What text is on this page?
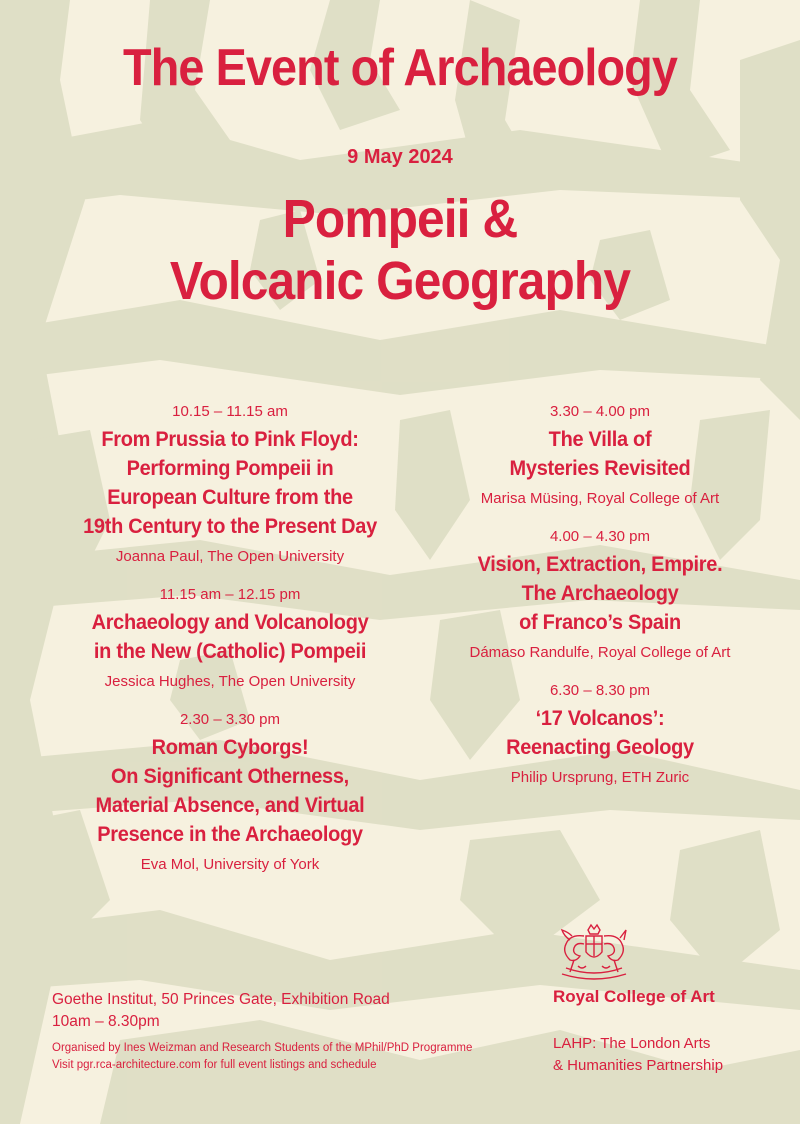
The Event of Archaeology
9 May 2024
Pompeii &
Volcanic Geography
10.15 – 11.15 am
From Prussia to Pink Floyd:
Performing Pompeii in
European Culture from the
19th Century to the Present Day
Joanna Paul, The Open University
11.15 am – 12.15 pm
Archaeology and Volcanology
in the New (Catholic) Pompeii
Jessica Hughes, The Open University
2.30 – 3.30 pm
Roman Cyborgs!
On Significant Otherness,
Material Absence, and Virtual
Presence in the Archaeology
Eva Mol, University of York
3.30 – 4.00 pm
The Villa of
Mysteries Revisited
Marisa Müsing, Royal College of Art
4.00 – 4.30 pm
Vision, Extraction, Empire.
The Archaeology
of Franco’s Spain
Dámaso Randulfe, Royal College of Art
6.30 – 8.30 pm
‘17 Volcanos’:
Reenacting Geology
Philip Ursprung, ETH Zuric
Goethe Institut, 50 Princes Gate, Exhibition Road
10am – 8.30pm
Organised by Ines Weizman and Research Students of the MPhil/PhD Programme
Visit pgr.rca-architecture.com for full event listings and schedule
Royal College of Art
LAHP: The London Arts
& Humanities Partnership
